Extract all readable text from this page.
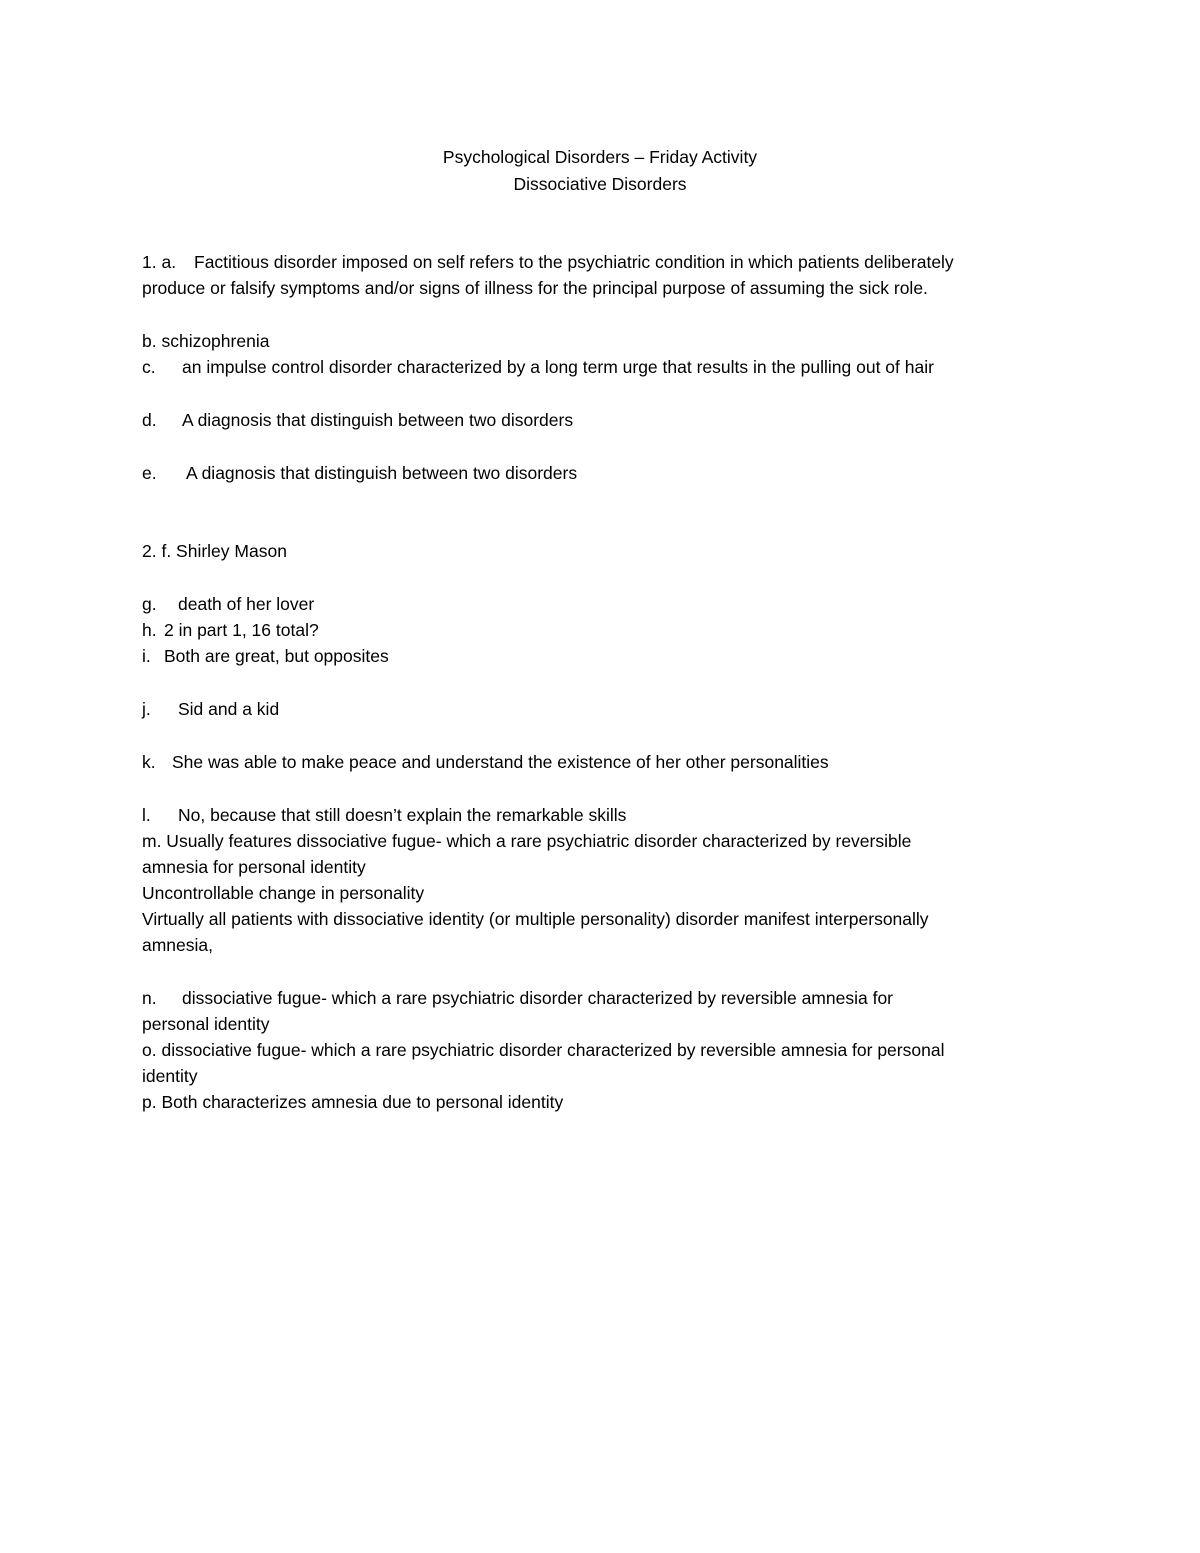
Psychological Disorders – Friday Activity
Dissociative Disorders
1. a. Factitious disorder imposed on self refers to the psychiatric condition in which patients deliberately
produce or falsify symptoms and/or signs of illness for the principal purpose of assuming the sick role.
b. schizophrenia
c. an impulse control disorder characterized by a long term urge that results in the pulling out of hair
d. A diagnosis that distinguish between two disorders
e. A diagnosis that distinguish between two disorders
2. f. Shirley Mason
g. death of her lover
h. 2 in part 1, 16 total?
i. Both are great, but opposites
j. Sid and a kid
k. She was able to make peace and understand the existence of her other personalities
l. No, because that still doesn’t explain the remarkable skills
m. Usually features dissociative fugue- which a rare psychiatric disorder characterized by reversible
amnesia for personal identity
Uncontrollable change in personality
Virtually all patients with dissociative identity (or multiple personality) disorder manifest interpersonally
amnesia,
n. dissociative fugue- which a rare psychiatric disorder characterized by reversible amnesia for
personal identity
o. dissociative fugue- which a rare psychiatric disorder characterized by reversible amnesia for personal
identity
p. Both characterizes amnesia due to personal identity
